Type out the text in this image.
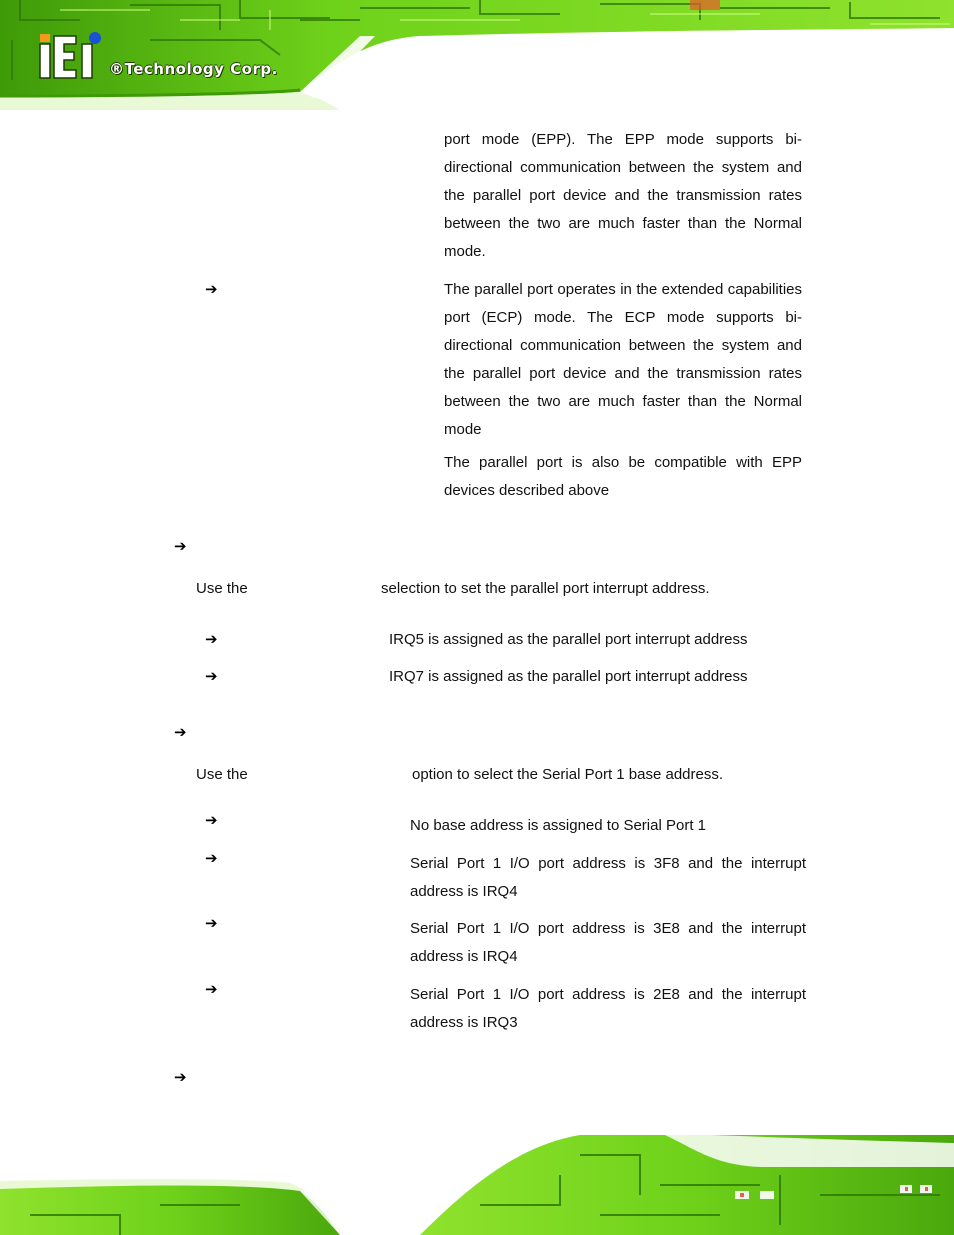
®Technology Corp.

port mode (EPP). The EPP mode supports bi-directional communication between the system and the parallel port device and the transmission rates between the two are much faster than the Normal mode.

➔	The parallel port operates in the extended capabilities port (ECP) mode. The ECP mode supports bi-directional communication between the system and the parallel port device and the transmission rates between the two are much faster than the Normal mode

The parallel port is also be compatible with EPP devices described above

➔
Use the	selection to set the parallel port interrupt address.
➔	IRQ5 is assigned as the parallel port interrupt address
➔	IRQ7 is assigned as the parallel port interrupt address
➔
Use the	option to select the Serial Port 1 base address.
➔	No base address is assigned to Serial Port 1
➔	Serial Port 1 I/O port address is 3F8 and the interrupt address is IRQ4

➔	Serial Port 1 I/O port address is 3E8 and the interrupt address is IRQ4

➔	Serial Port 1 I/O port address is 2E8 and the interrupt address is IRQ3

➔
